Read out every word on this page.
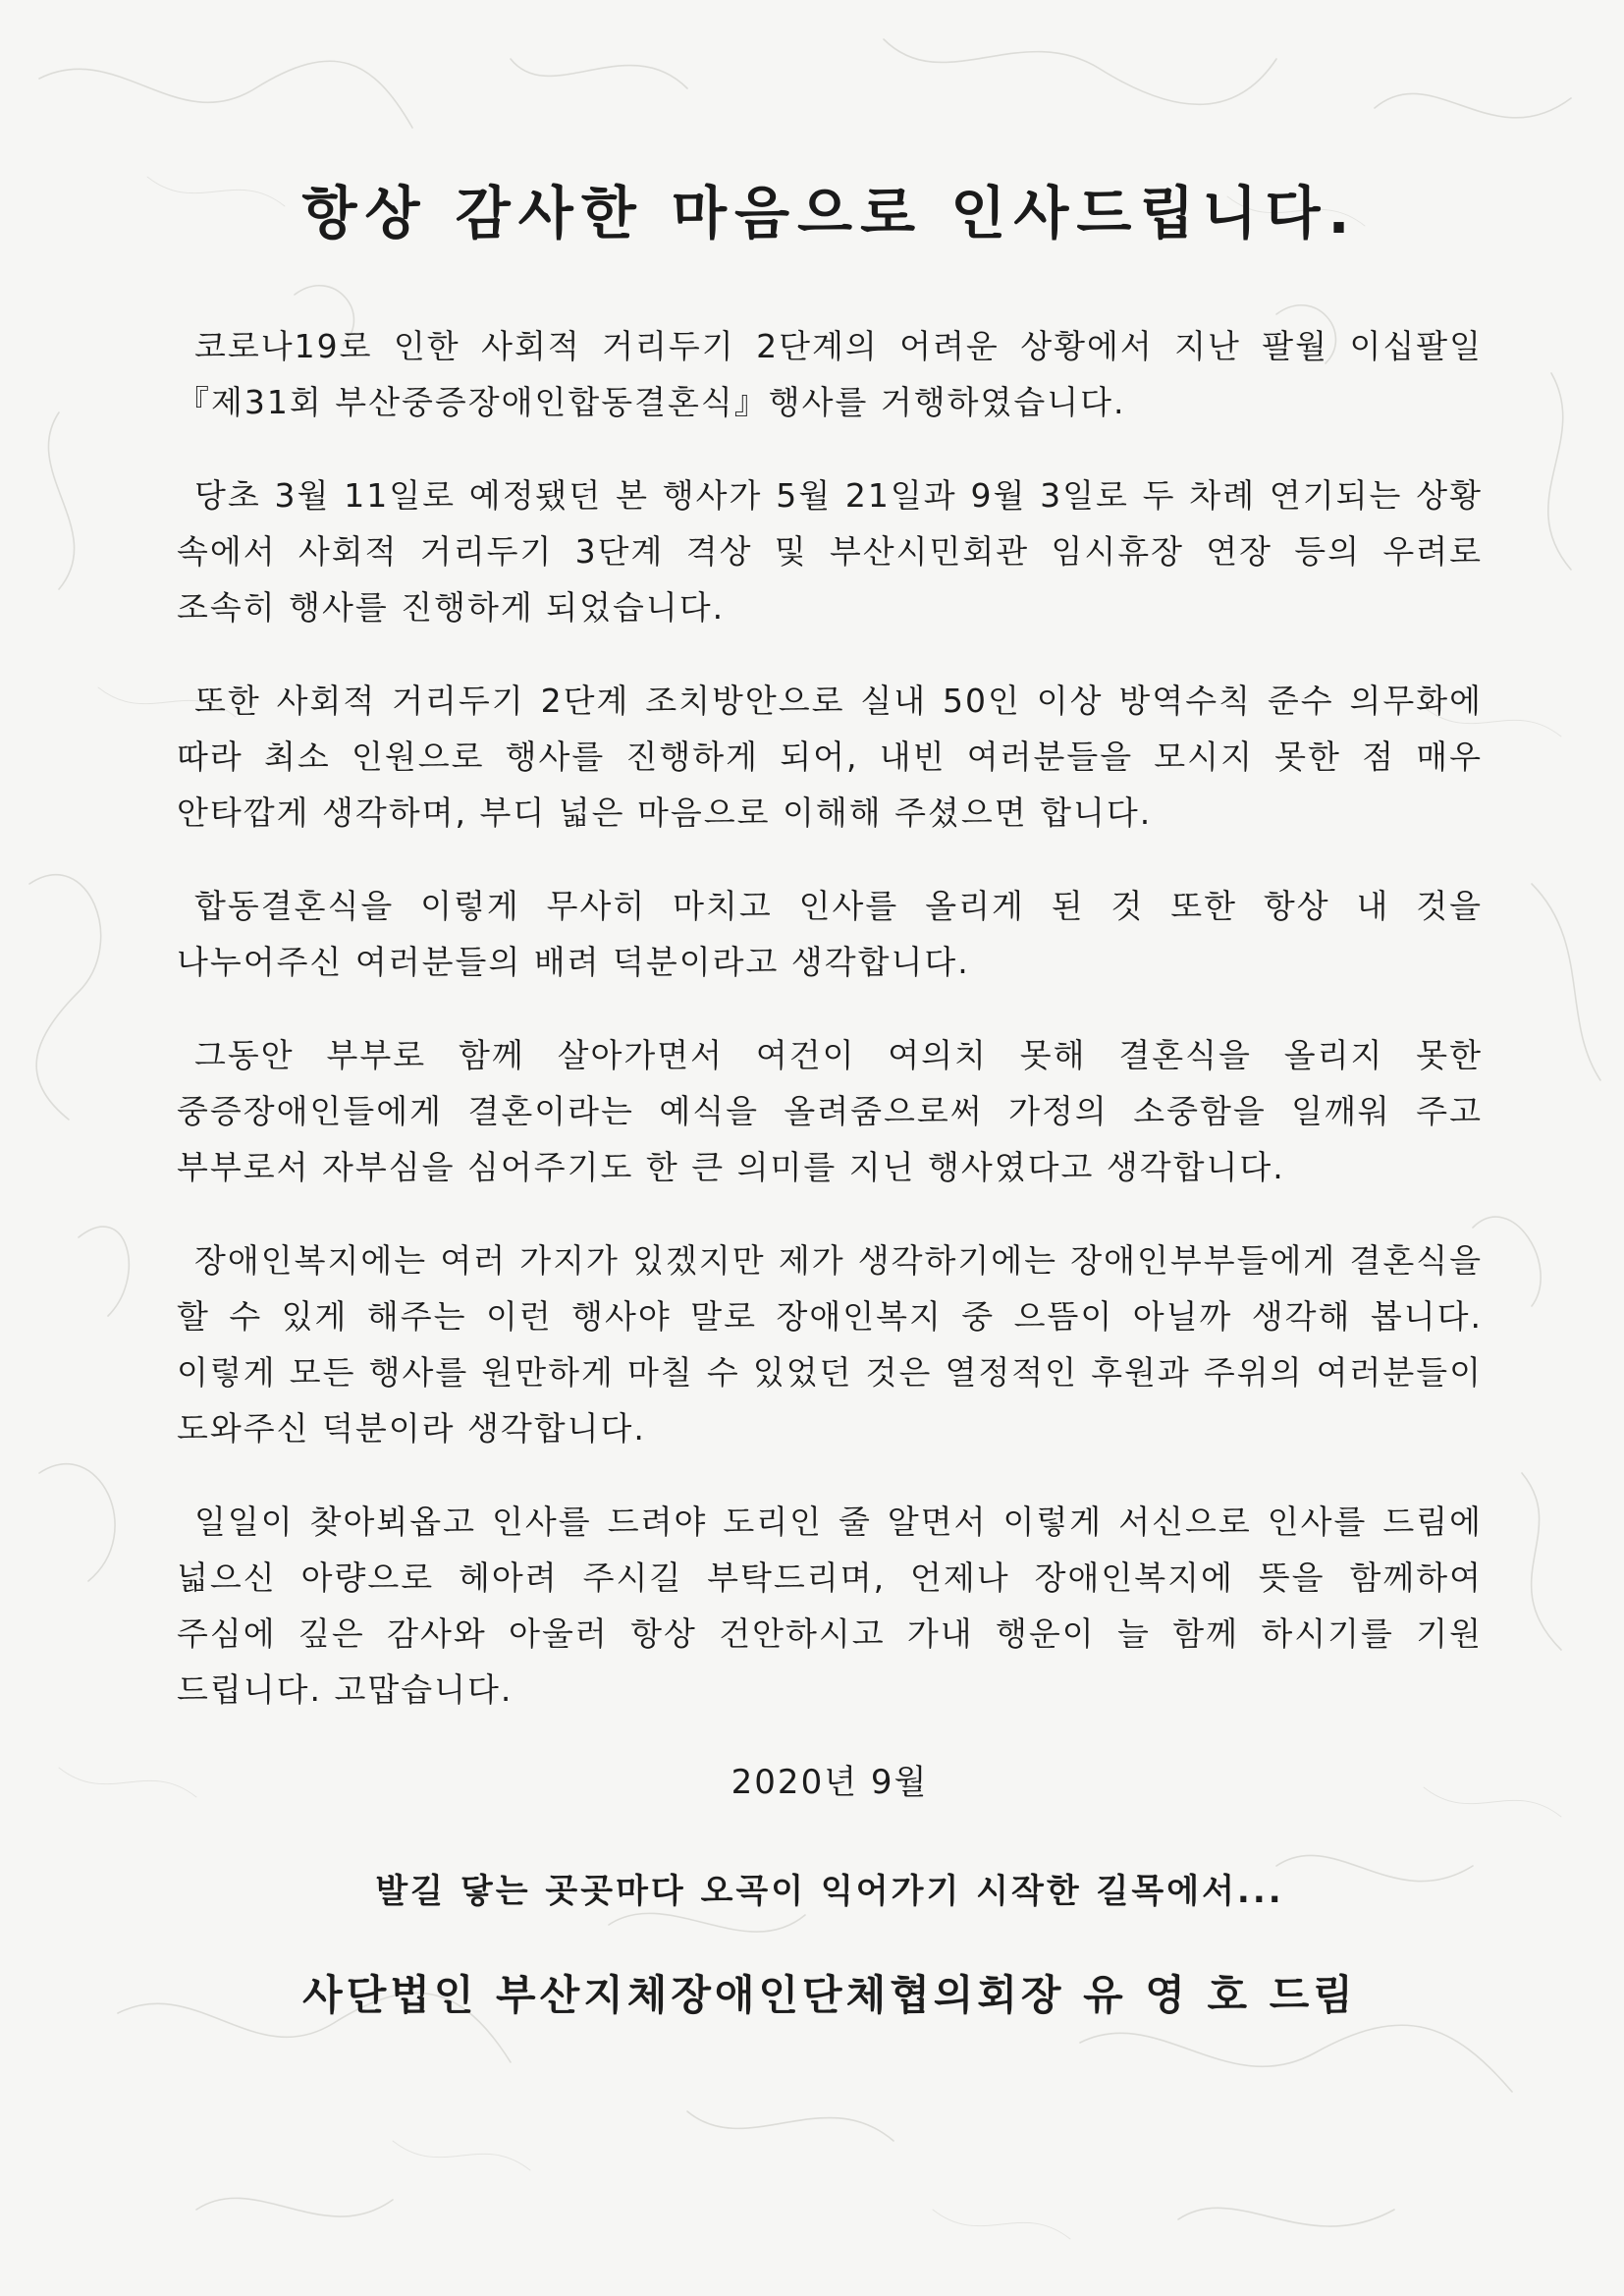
항상 감사한 마음으로 인사드립니다.

코로나19로 인한 사회적 거리두기 2단계의 어려운 상황에서 지난 팔월 이십팔일『제31회 부산중증장애인합동결혼식』행사를 거행하였습니다.

당초 3월 11일로 예정됐던 본 행사가 5월 21일과 9월 3일로 두 차례 연기되는 상황 속에서 사회적 거리두기 3단계 격상 및 부산시민회관 임시휴장 연장 등의 우려로 조속히 행사를 진행하게 되었습니다.

또한 사회적 거리두기 2단계 조치방안으로 실내 50인 이상 방역수칙 준수 의무화에 따라 최소 인원으로 행사를 진행하게 되어, 내빈 여러분들을 모시지 못한 점 매우 안타깝게 생각하며, 부디 넓은 마음으로 이해해 주셨으면 합니다.

합동결혼식을 이렇게 무사히 마치고 인사를 올리게 된 것 또한 항상 내 것을 나누어주신 여러분들의 배려 덕분이라고 생각합니다.

그동안 부부로 함께 살아가면서 여건이 여의치 못해 결혼식을 올리지 못한 중증장애인들에게 결혼이라는 예식을 올려줌으로써 가정의 소중함을 일깨워 주고 부부로서 자부심을 심어주기도 한 큰 의미를 지닌 행사였다고 생각합니다.

장애인복지에는 여러 가지가 있겠지만 제가 생각하기에는 장애인부부들에게 결혼식을 할 수 있게 해주는 이런 행사야 말로 장애인복지 중 으뜸이 아닐까 생각해 봅니다. 이렇게 모든 행사를 원만하게 마칠 수 있었던 것은 열정적인 후원과 주위의 여러분들이 도와주신 덕분이라 생각합니다.

일일이 찾아뵈옵고 인사를 드려야 도리인 줄 알면서 이렇게 서신으로 인사를 드림에 넓으신 아량으로 헤아려 주시길 부탁드리며, 언제나 장애인복지에 뜻을 함께하여 주심에 깊은 감사와 아울러 항상 건안하시고 가내 행운이 늘 함께 하시기를 기원 드립니다. 고맙습니다.

2020년 9월

발길 닿는 곳곳마다 오곡이 익어가기 시작한 길목에서...

사단법인 부산지체장애인단체협의회장 유 영 호 드림
